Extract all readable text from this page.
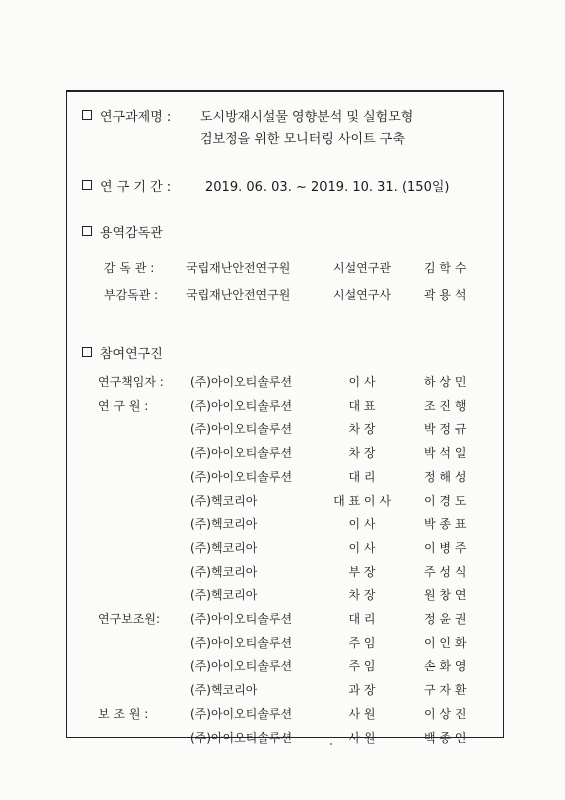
연구과제명 : 도시방재시설물 영향분석 및 실험모형
검보정을 위한 모니터링 사이트 구축
연 구 기 간 :	2019. 06. 03. ~ 2019. 10. 31. (150일)
용역감독관
감 독 관 :	국립재난안전연구원	시설연구관	김 학 수
부감독관 : 국립재난안전연구원	시설연구사	곽 용 석
참여연구진
연구책임자 : (주)아이오티솔루션	이 사	하 상 민
연 구 원 :	(주)아이오티솔루션	대 표	조 진 행
(주)아이오티솔루션	차 장	박 정 규
(주)아이오티솔루션	차 장	박 석 일
(주)아이오티솔루션	대 리	정 해 성
(주)헥코리아	대 표 이 사	이 경 도
(주)헥코리아	이 사	박 종 표
(주)헥코리아	이 사	이 병 주
(주)헥코리아	부 장	주 성 식
(주)헥코리아	차 장	원 창 연
연구보조원: (주)아이오티솔루션	대 리	정 윤 권
(주)아이오티솔루션	주 임	이 인 화
(주)아이오티솔루션	주 임	손 화 영
(주)헥코리아	과 장	구 자 환
보 조 원 :	(주)아이오티솔루션	사 원	이 상 진
(주)아이오티솔루션	사 원	백 종 인
